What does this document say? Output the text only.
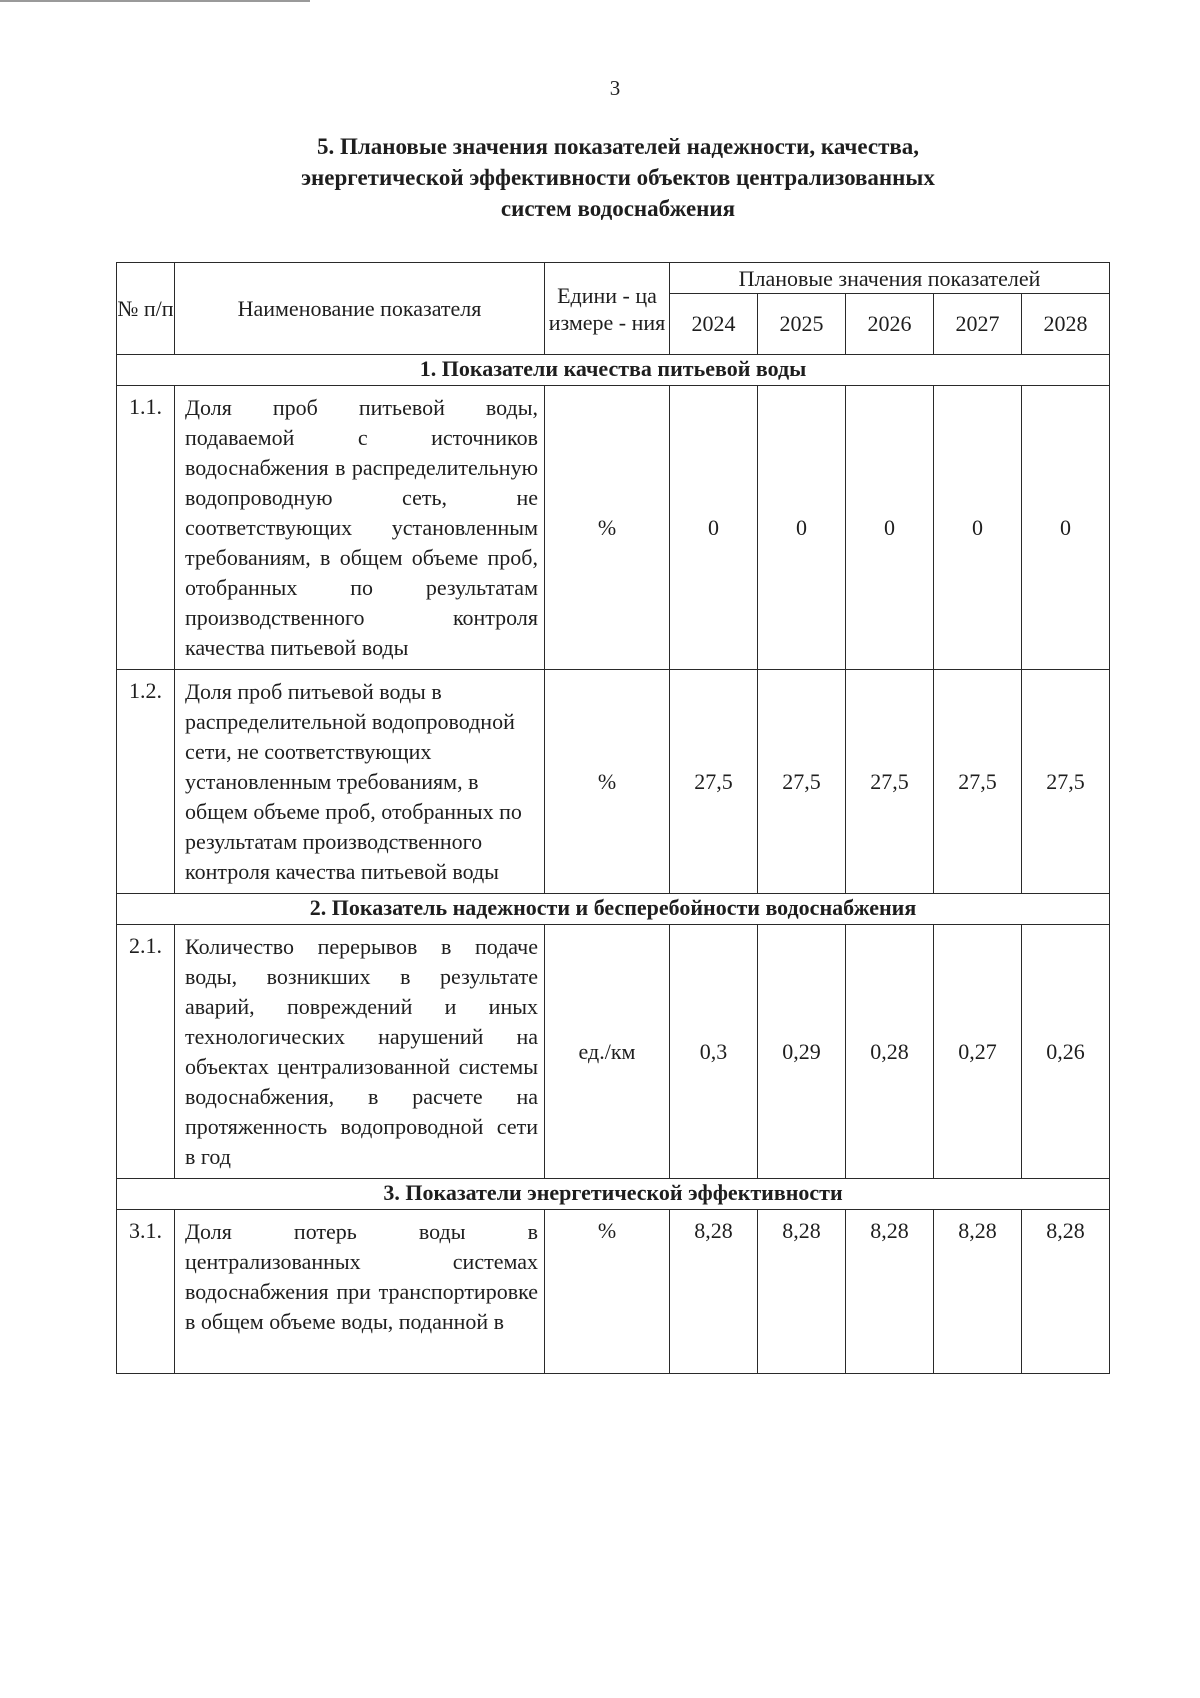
3
5. Плановые значения показателей надежности, качества,
энергетической эффективности объектов централизованных
систем водоснабжения
№ п/п	Наименование показателя	Едини - ца измере - ния	Плановые значения показателей				
			2024	2025	2026	2027	2028
1. Показатели качества питьевой воды							
1.1.	Доля проб питьевой воды, подаваемой с источников водоснабжения в распределительную водопроводную сеть, не соответствующих установленным требованиям, в общем объеме проб, отобранных по результатам производственного контроля качества питьевой воды	%	0	0	0	0	0
1.2.	Доля проб питьевой воды в распределительной водопроводной сети, не соответствующих установленным требованиям, в общем объеме проб, отобранных по результатам производственного контроля качества питьевой воды	%	27,5	27,5	27,5	27,5	27,5
2. Показатель надежности и бесперебойности водоснабжения							
2.1.	Количество перерывов в подаче воды, возникших в результате аварий, повреждений и иных технологических нарушений на объектах централизованной системы водоснабжения, в расчете на протяженность водопроводной сети в год	ед./км	0,3	0,29	0,28	0,27	0,26
3. Показатели энергетической эффективности							
3.1.	Доля потерь воды в централизованных системах водоснабжения при транспортировке в общем объеме воды, поданной в	%	8,28	8,28	8,28	8,28	8,28
